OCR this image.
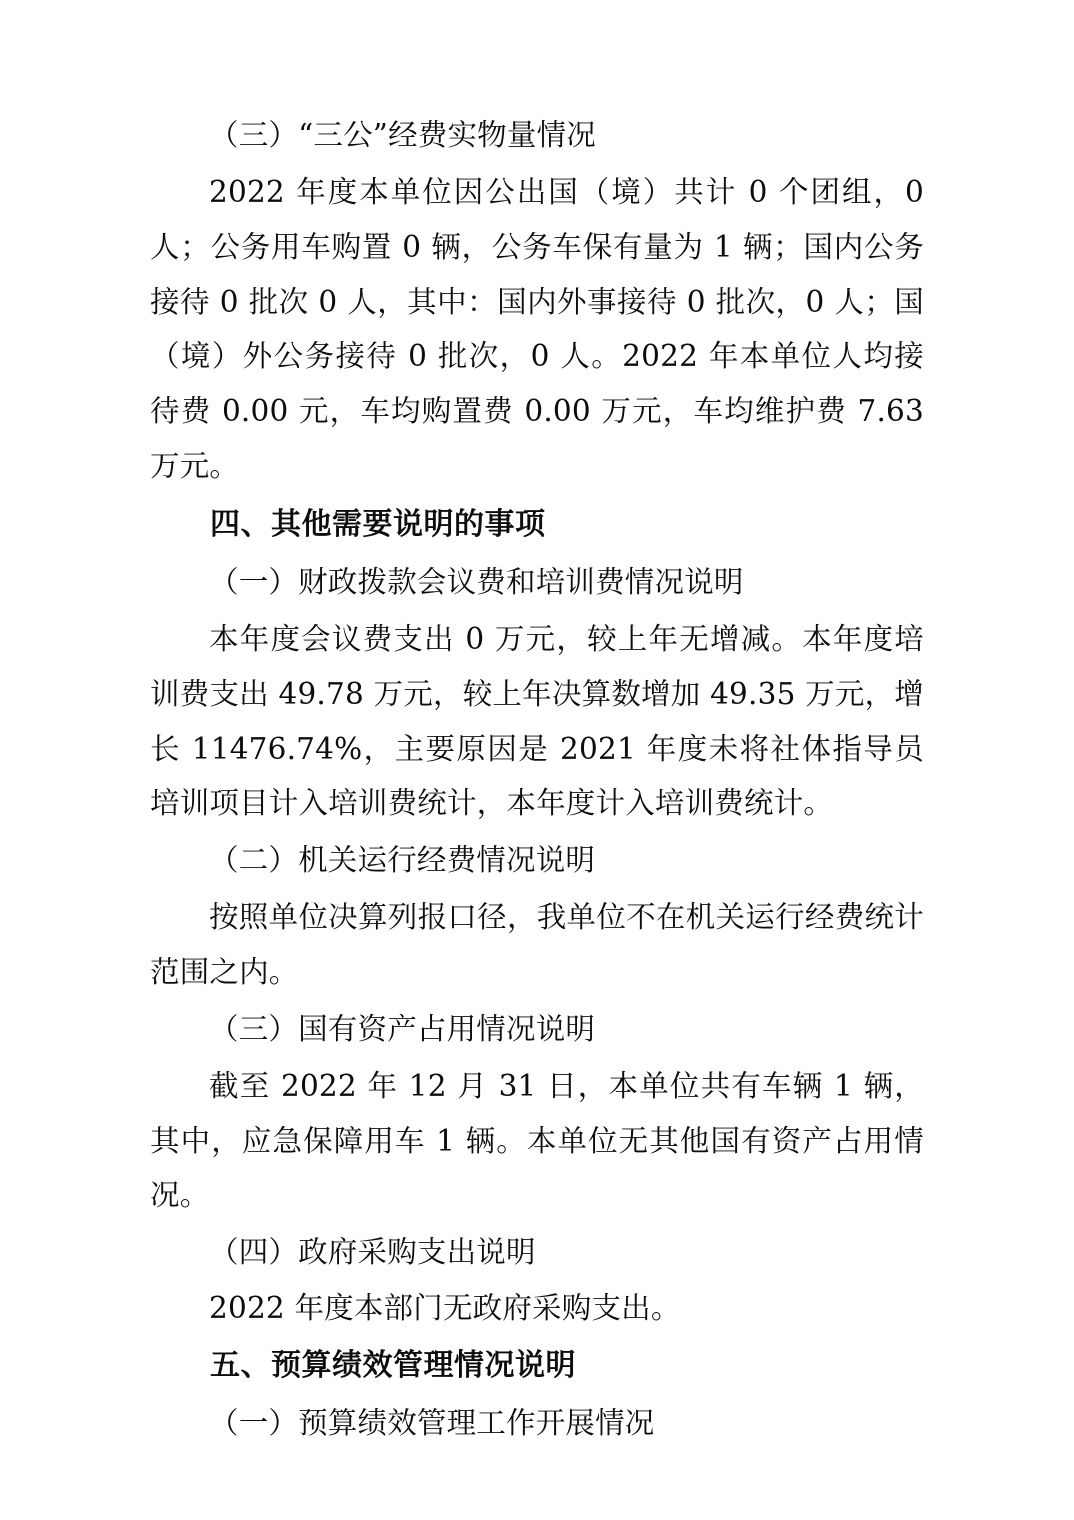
（三）“三公”经费实物量情况

2022 年度本单位因公出国（境）共计 0 个团组，0 人；公务用车购置 0 辆，公务车保有量为 1 辆；国内公务接待 0 批次 0 人，其中：国内外事接待 0 批次，0 人；国（境）外公务接待 0 批次，0 人。2022 年本单位人均接待费 0.00 元，车均购置费 0.00 万元，车均维护费 7.63 万元。

四、其他需要说明的事项

（一）财政拨款会议费和培训费情况说明

本年度会议费支出 0 万元，较上年无增减。本年度培训费支出 49.78 万元，较上年决算数增加 49.35 万元，增长 11476.74%，主要原因是 2021 年度未将社体指导员培训项目计入培训费统计，本年度计入培训费统计。

（二）机关运行经费情况说明

按照单位决算列报口径，我单位不在机关运行经费统计范围之内。

（三）国有资产占用情况说明

截至 2022 年 12 月 31 日，本单位共有车辆 1 辆，其中，应急保障用车 1 辆。本单位无其他国有资产占用情况。

（四）政府采购支出说明

2022 年度本部门无政府采购支出。

五、预算绩效管理情况说明

（一）预算绩效管理工作开展情况
